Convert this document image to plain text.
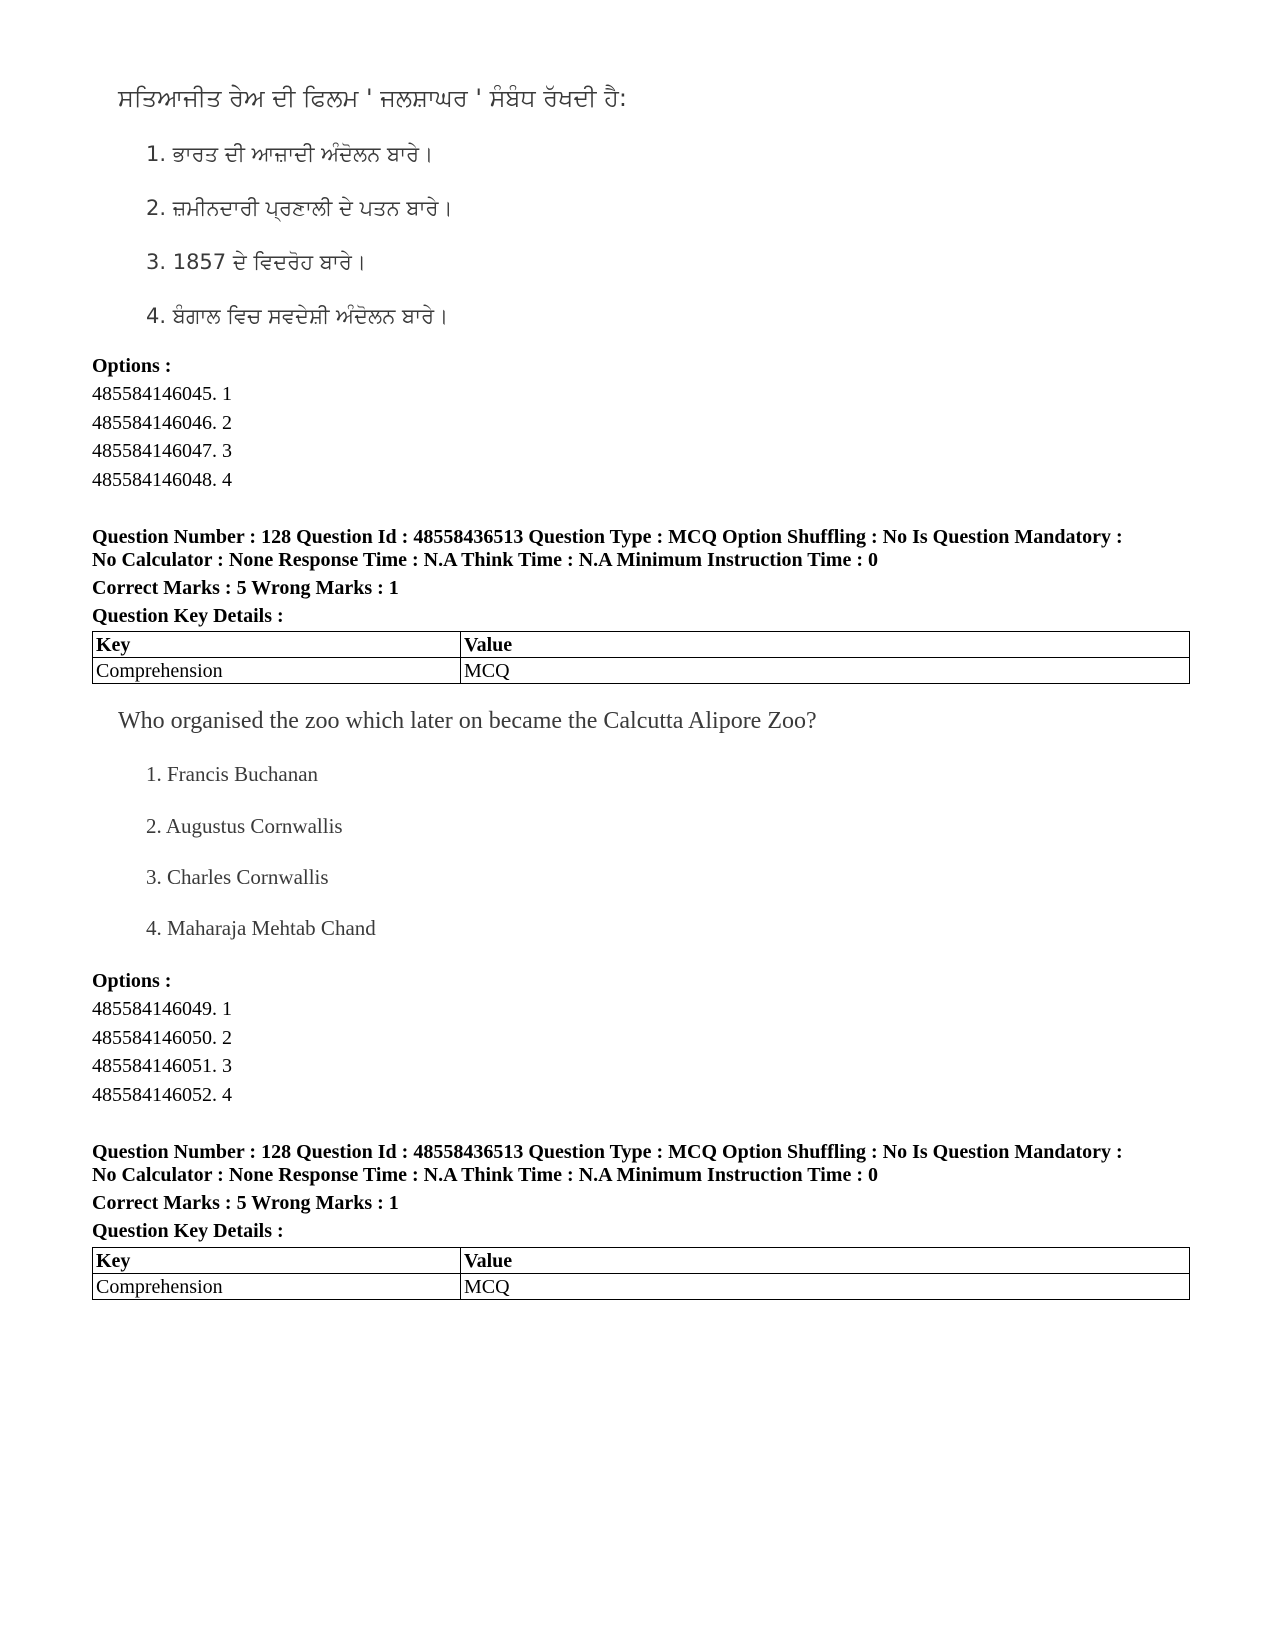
ਸਤਿਆਜੀਤ ਰੇਅ ਦੀ ਫਿਲਮ ' ਜਲਸ਼ਾਘਰ ' ਸੰਬੰਧ ਰੱਖਦੀ ਹੈ:

1. ਭਾਰਤ ਦੀ ਆਜ਼ਾਦੀ ਅੰਦੋਲਨ ਬਾਰੇ।
2. ਜ਼ਮੀਨਦਾਰੀ ਪ੍ਰਣਾਲੀ ਦੇ ਪਤਨ ਬਾਰੇ।
3. 1857 ਦੇ ਵਿਦਰੋਹ ਬਾਰੇ।
4. ਬੰਗਾਲ ਵਿਚ ਸਵਦੇਸ਼ੀ ਅੰਦੋਲਨ ਬਾਰੇ।
Options :
485584146045. 1
485584146046. 2
485584146047. 3
485584146048. 4
Question Number : 128 Question Id : 48558436513 Question Type : MCQ Option Shuffling : No Is Question Mandatory :
No Calculator : None Response Time : N.A Think Time : N.A Minimum Instruction Time : 0
Correct Marks : 5 Wrong Marks : 1
Question Key Details :
Key	Value
Comprehension	MCQ

Who organised the zoo which later on became the Calcutta Alipore Zoo?

1. Francis Buchanan
2. Augustus Cornwallis
3. Charles Cornwallis
4. Maharaja Mehtab Chand
Options :
485584146049. 1
485584146050. 2
485584146051. 3
485584146052. 4
Question Number : 128 Question Id : 48558436513 Question Type : MCQ Option Shuffling : No Is Question Mandatory :
No Calculator : None Response Time : N.A Think Time : N.A Minimum Instruction Time : 0
Correct Marks : 5 Wrong Marks : 1
Question Key Details :
Key	Value
Comprehension	MCQ
